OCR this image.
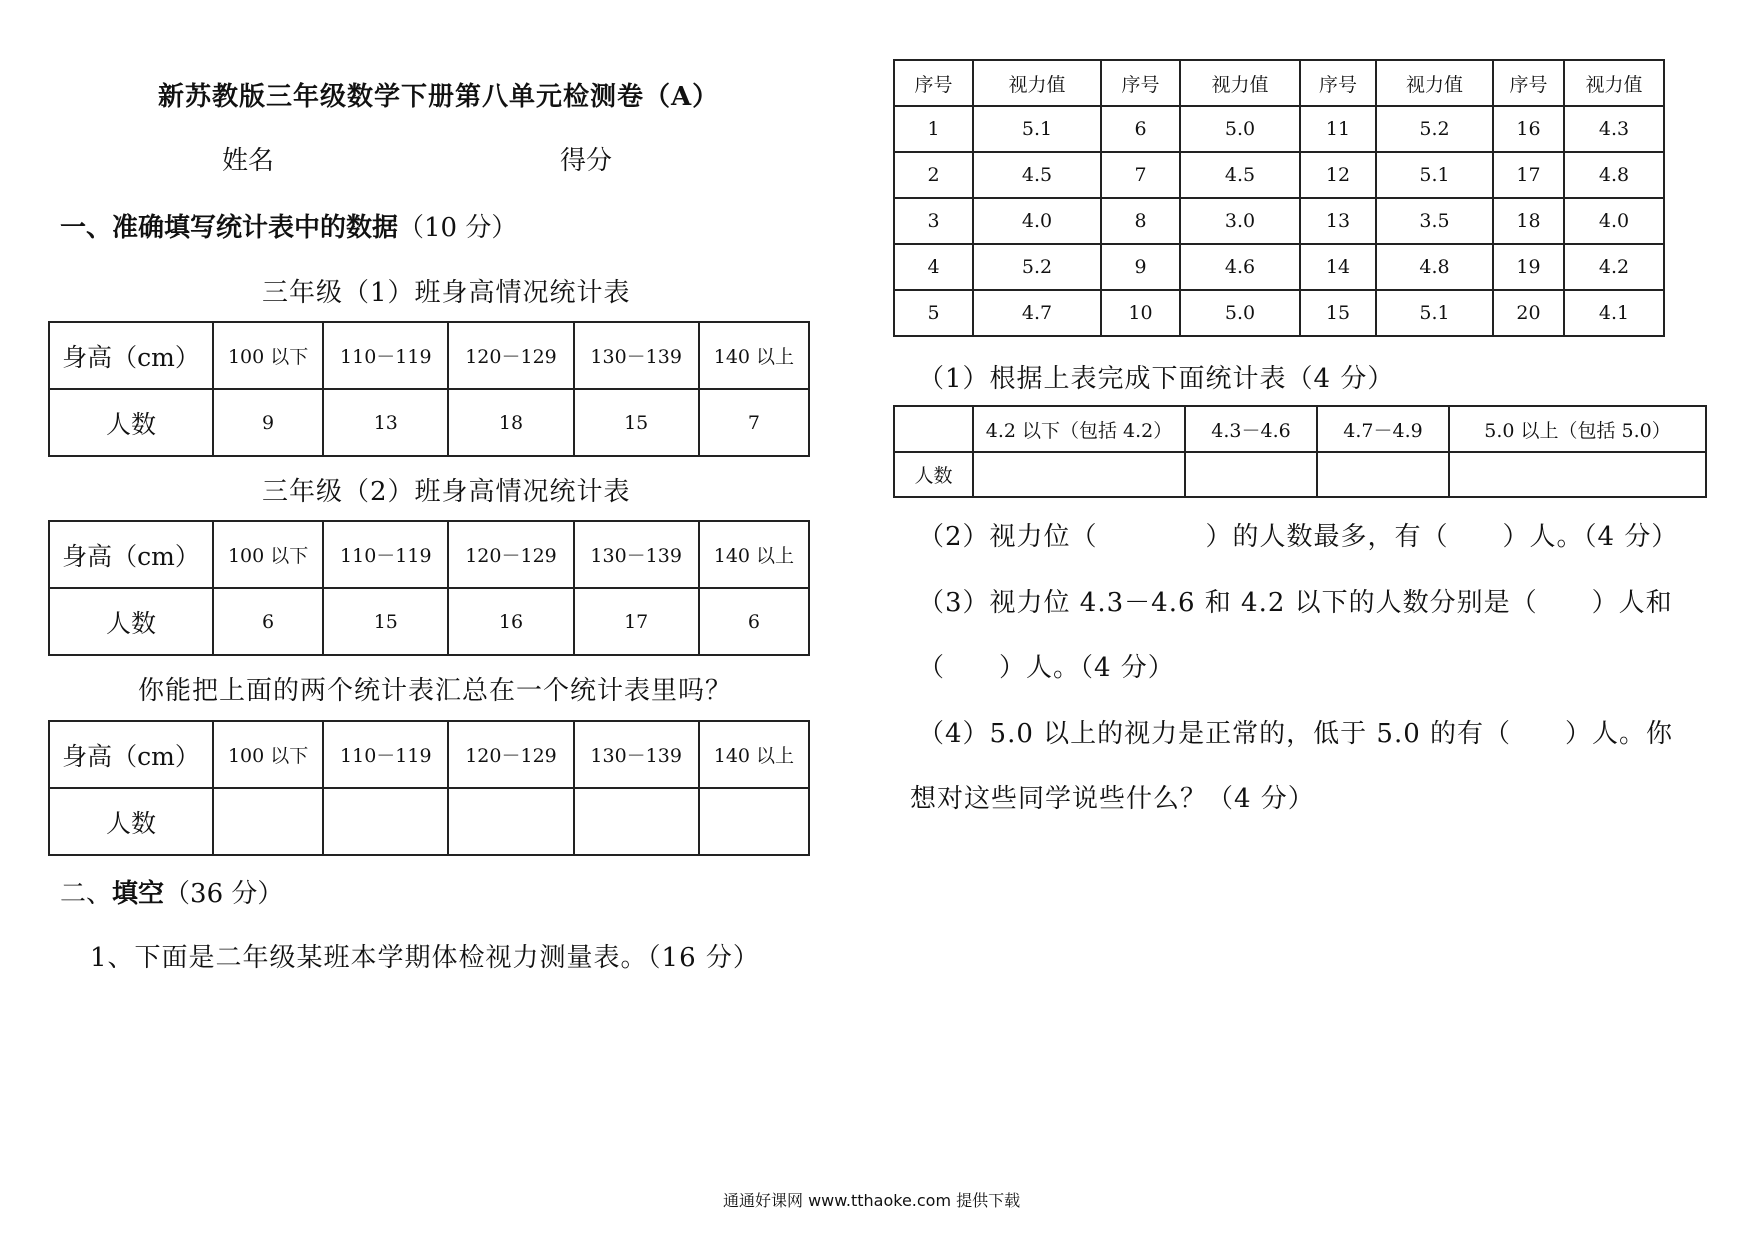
新苏教版三年级数学下册第八单元检测卷（A）
姓名	得分
一、准确填写统计表中的数据（10 分）
三年级（1）班身高情况统计表
身高（cm）	100 以下	110－119	120－129	130－139	140 以上
人数	9	13	18	15	7
三年级（2）班身高情况统计表
身高（cm）	100 以下	110－119	120－129	130－139	140 以上
人数	6	15	16	17	6
你能把上面的两个统计表汇总在一个统计表里吗？
身高（cm）	100 以下	110－119	120－129	130－139	140 以上
人数					
二、填空（36 分）
1、下面是二年级某班本学期体检视力测量表。（16 分）
序号	视力值	序号	视力值	序号	视力值	序号	视力值
1	5.1	6	5.0	11	5.2	16	4.3
2	4.5	7	4.5	12	5.1	17	4.8
3	4.0	8	3.0	13	3.5	18	4.0
4	5.2	9	4.6	14	4.8	19	4.2
5	4.7	10	5.0	15	5.1	20	4.1
（1）根据上表完成下面统计表（4 分）
	4.2 以下（包括 4.2）	4.3－4.6	4.7－4.9	5.0 以上（包括 5.0）
人数				
（2）视力位（　　　　）的人数最多，有（　　）人。（4 分）
（3）视力位 4.3－4.6 和 4.2 以下的人数分别是（　　）人和
（　　）人。（4 分）
（4）5.0 以上的视力是正常的，低于 5.0 的有（　　）人。你
想对这些同学说些什么？（4 分）
通通好课网 www.tthaoke.com 提供下载
